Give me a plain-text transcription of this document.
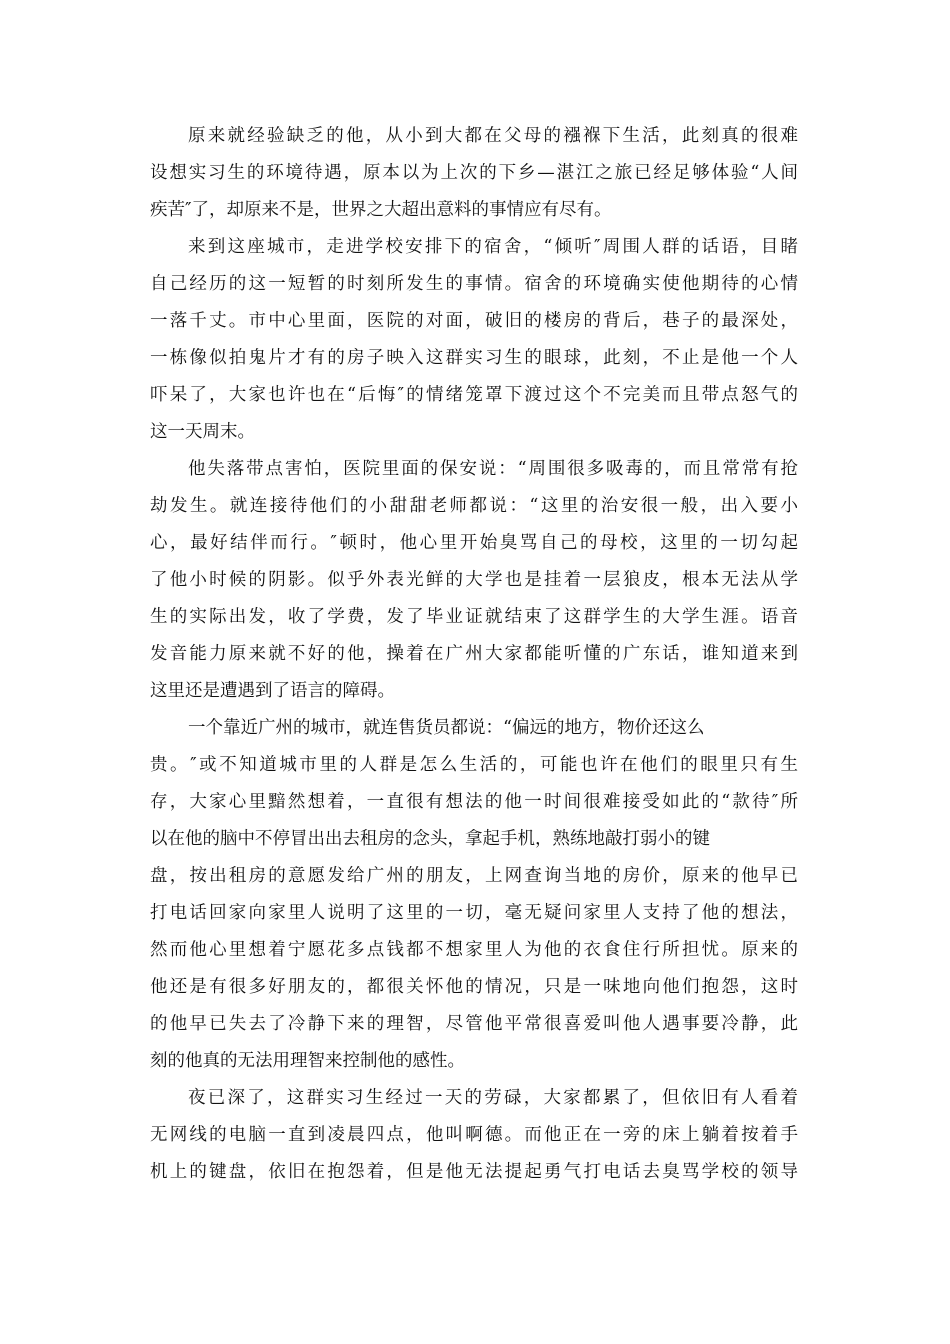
原来就经验缺乏的他，从小到大都在父母的襁褓下生活，此刻真的很难
设想实习生的环境待遇，原本以为上次的下乡—湛江之旅已经足够体验“人间
疾苦″了，却原来不是，世界之大超出意料的事情应有尽有。
来到这座城市，走进学校安排下的宿舍，“倾听″周围人群的话语，目睹
自己经历的这一短暂的时刻所发生的事情。宿舍的环境确实使他期待的心情
一落千丈。市中心里面，医院的对面，破旧的楼房的背后，巷子的最深处，
一栋像似拍鬼片才有的房子映入这群实习生的眼球，此刻，不止是他一个人
吓呆了，大家也许也在“后悔″的情绪笼罩下渡过这个不完美而且带点怒气的
这一天周末。
他失落带点害怕，医院里面的保安说：“周围很多吸毒的，而且常常有抢
劫发生。就连接待他们的小甜甜老师都说：“这里的治安很一般，出入要小
心，最好结伴而行。″顿时，他心里开始臭骂自己的母校，这里的一切勾起
了他小时候的阴影。似乎外表光鲜的大学也是挂着一层狼皮，根本无法从学
生的实际出发，收了学费，发了毕业证就结束了这群学生的大学生涯。语音
发音能力原来就不好的他，操着在广州大家都能听懂的广东话，谁知道来到
这里还是遭遇到了语言的障碍。
一个靠近广州的城市，就连售货员都说：“偏远的地方，物价还这么
贵。″或不知道城市里的人群是怎么生活的，可能也许在他们的眼里只有生
存，大家心里黯然想着，一直很有想法的他一时间很难接受如此的“款待″所
以在他的脑中不停冒出出去租房的念头，拿起手机，熟练地敲打弱小的键
盘，按出租房的意愿发给广州的朋友，上网查询当地的房价，原来的他早已
打电话回家向家里人说明了这里的一切，毫无疑问家里人支持了他的想法，
然而他心里想着宁愿花多点钱都不想家里人为他的衣食住行所担忧。原来的
他还是有很多好朋友的，都很关怀他的情况，只是一味地向他们抱怨，这时
的他早已失去了冷静下来的理智，尽管他平常很喜爱叫他人遇事要冷静，此
刻的他真的无法用理智来控制他的感性。
夜已深了，这群实习生经过一天的劳碌，大家都累了，但依旧有人看着
无网线的电脑一直到凌晨四点，他叫啊德。而他正在一旁的床上躺着按着手
机上的键盘，依旧在抱怨着，但是他无法提起勇气打电话去臭骂学校的领导
